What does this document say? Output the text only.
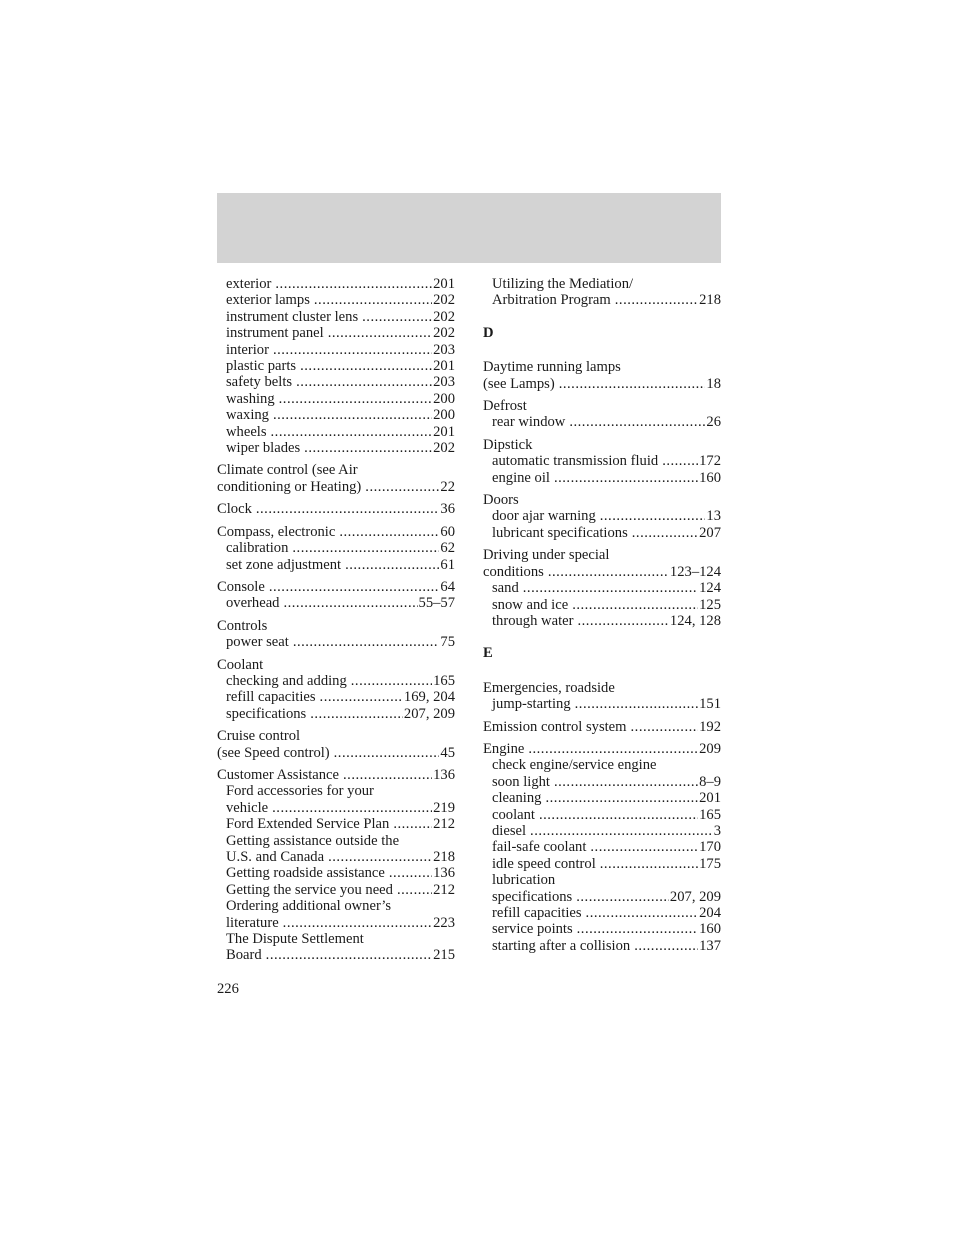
exterior .....	201
exterior lamps .....	202
instrument cluster lens .....	202
instrument panel .....	202
interior .....	203
plastic parts .....	201
safety belts .....	203
washing .....	200
waxing .....	200
wheels .....	201
wiper blades .....	202
Climate control (see Air
conditioning or Heating) .....	22
Clock .....	36
Compass, electronic .....	60
calibration .....	62
set zone adjustment .....	61
Console .....	64
overhead .....	55–57
Controls
power seat .....	75
Coolant
checking and adding .....	165
refill capacities .....	169, 204
specifications .....	207, 209
Cruise control
(see Speed control) .....	45
Customer Assistance .....	136
Ford accessories for your
vehicle .....	219
Ford Extended Service Plan .....	212
Getting assistance outside the
U.S. and Canada .....	218
Getting roadside assistance .....	136
Getting the service you need .....	212
Ordering additional owner’s
literature .....	223
The Dispute Settlement
Board .....	215
Utilizing the Mediation/
Arbitration Program .....	218
D
Daytime running lamps
(see Lamps) .....	18
Defrost
rear window .....	26
Dipstick
automatic transmission fluid .....	172
engine oil .....	160
Doors
door ajar warning .....	13
lubricant specifications .....	207
Driving under special
conditions .....	123–124
sand .....	124
snow and ice .....	125
through water .....	124, 128
E
Emergencies, roadside
jump-starting .....	151
Emission control system .....	192
Engine .....	209
check engine/service engine
soon light .....	8–9
cleaning .....	201
coolant .....	165
diesel .....	3
fail-safe coolant .....	170
idle speed control .....	175
lubrication
specifications .....	207, 209
refill capacities .....	204
service points .....	160
starting after a collision .....	137
226
